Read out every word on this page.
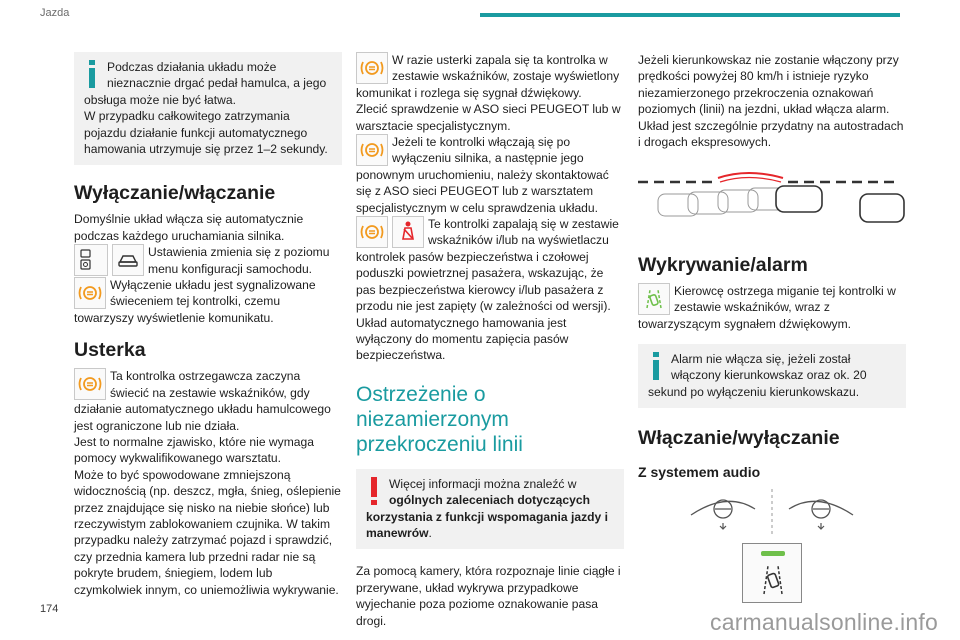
Jazda

Podczas działania układu może nieznacznie drgać pedał hamulca, a jego obsługa może nie być łatwa.

W przypadku całkowitego zatrzymania pojazdu działanie funkcji automatycznego hamowania utrzymuje się przez 1–2 sekundy.

Wyłączanie/włączanie

Domyślnie układ włącza się automatycznie podczas każdego uruchamiania silnika.

Ustawienia zmienia się z poziomu menu konfiguracji samochodu.

Wyłączenie układu jest sygnalizowane świeceniem tej kontrolki, czemu towarzyszy wyświetlenie komunikatu.

Usterka

Ta kontrolka ostrzegawcza zaczyna świecić na zestawie wskaźników, gdy działanie automatycznego układu hamulcowego jest ograniczone lub nie działa.

Jest to normalne zjawisko, które nie wymaga pomocy wykwalifikowanego warsztatu.

Może to być spowodowane zmniejszoną widocznością (np. deszcz, mgła, śnieg, oślepienie przez znajdujące się nisko na niebie słońce) lub rzeczywistym zablokowaniem czujnika. W takim przypadku należy zatrzymać pojazd i sprawdzić, czy przednia kamera lub przedni radar nie są pokryte brudem, śniegiem, lodem lub czymkolwiek innym, co uniemożliwia wykrywanie.

W razie usterki zapala się ta kontrolka w zestawie wskaźników, zostaje wyświetlony komunikat i rozlega się sygnał dźwiękowy.

Zlecić sprawdzenie w ASO sieci PEUGEOT lub w warsztacie specjalistycznym.

Jeżeli te kontrolki włączają się po wyłączeniu silnika, a następnie jego ponownym uruchomieniu, należy skontaktować się z ASO sieci PEUGEOT lub z warsztatem specjalistycznym w celu sprawdzenia układu.

Te kontrolki zapalają się w zestawie wskaźników i/lub na wyświetlaczu kontrolek pasów bezpieczeństwa i czołowej poduszki powietrznej pasażera, wskazując, że pas bezpieczeństwa kierowcy i/lub pasażera z przodu nie jest zapięty (w zależności od wersji). Układ automatycznego hamowania jest wyłączony do momentu zapięcia pasów bezpieczeństwa.

Ostrzeżenie o niezamierzonym przekroczeniu linii

Więcej informacji można znaleźć w ogólnych zaleceniach dotyczących korzystania z funkcji wspomagania jazdy i manewrów.

Za pomocą kamery, która rozpoznaje linie ciągłe i przerywane, układ wykrywa przypadkowe wyjechanie poza poziome oznakowanie pasa drogi.

Jeżeli kierunkowskaz nie zostanie włączony przy prędkości powyżej 80 km/h i istnieje ryzyko niezamierzonego przekroczenia oznakowań poziomych (linii) na jezdni, układ włącza alarm. Układ jest szczególnie przydatny na autostradach i drogach ekspresowych.

Wykrywanie/alarm

Kierowcę ostrzega miganie tej kontrolki w zestawie wskaźników, wraz z towarzyszącym sygnałem dźwiękowym.

Alarm nie włącza się, jeżeli został włączony kierunkowskaz oraz ok. 20 sekund po wyłączeniu kierunkowskazu.

Włączanie/wyłączanie
Z systemem audio
174	carmanualsonline.info
